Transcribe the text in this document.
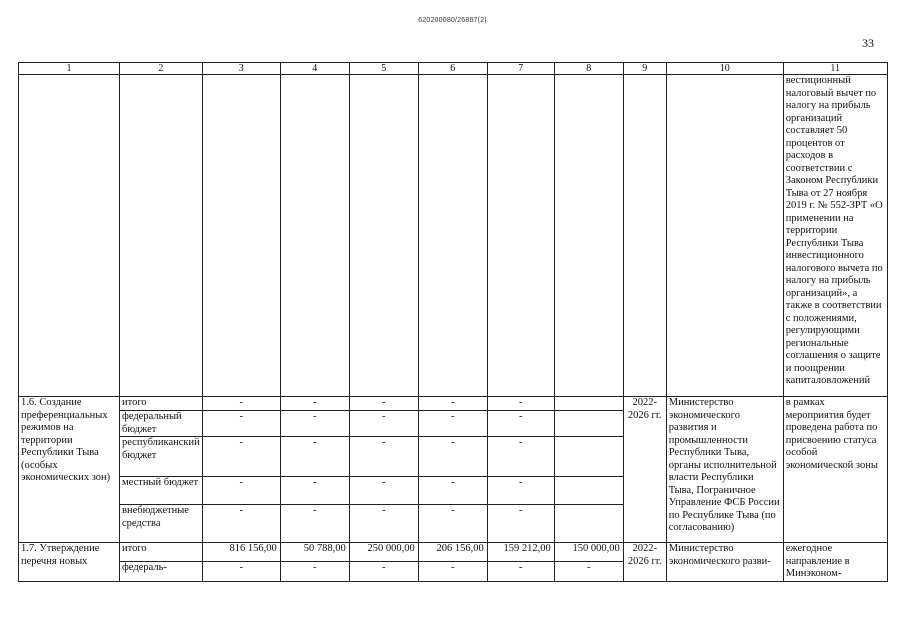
620200080/26867(2)
33
1	2	3	4	5	6	7	8	9	10	11
										вестиционный налоговый вычет по налогу на прибыль организаций составляет 50 процентов от расходов в соответствии с Законом Республики Тыва от 27 ноября 2019 г. № 552-ЗРТ «О применении на территории Республики Тыва инвестиционного налогового вычета по налогу на прибыль организаций», а также в соответствии с положениями, регулирующими региональные соглашения о защите и поощрении капиталовложений
1.6. Создание преференциальных режимов на территории Республики Тыва (особых экономических зон)	итого	-	-	-	-	-		2022-2026 гг.	Министерство экономического развития и промышленности Республики Тыва, органы исполнительной власти Республики Тыва, Пограничное Управление ФСБ России по Республике Тыва (по согласованию)	в рамках мероприятия будет проведена работа по присвоению статуса особой экономической зоны
	федеральный бюджет	-	-	-	-	-				
	республиканский бюджет	-	-	-	-	-				
	местный бюджет	-	-	-	-	-				
	внебюджетные средства	-	-	-	-	-				
1.7. Утверждение перечня новых	итого	816 156,00	50 788,00	250 000,00	206 156,00	159 212,00	150 000,00	2022-2026 гг.	Министерство экономического разви-	ежегодное направление в Минэконом-
	федераль-	-	-	-	-	-	-			
